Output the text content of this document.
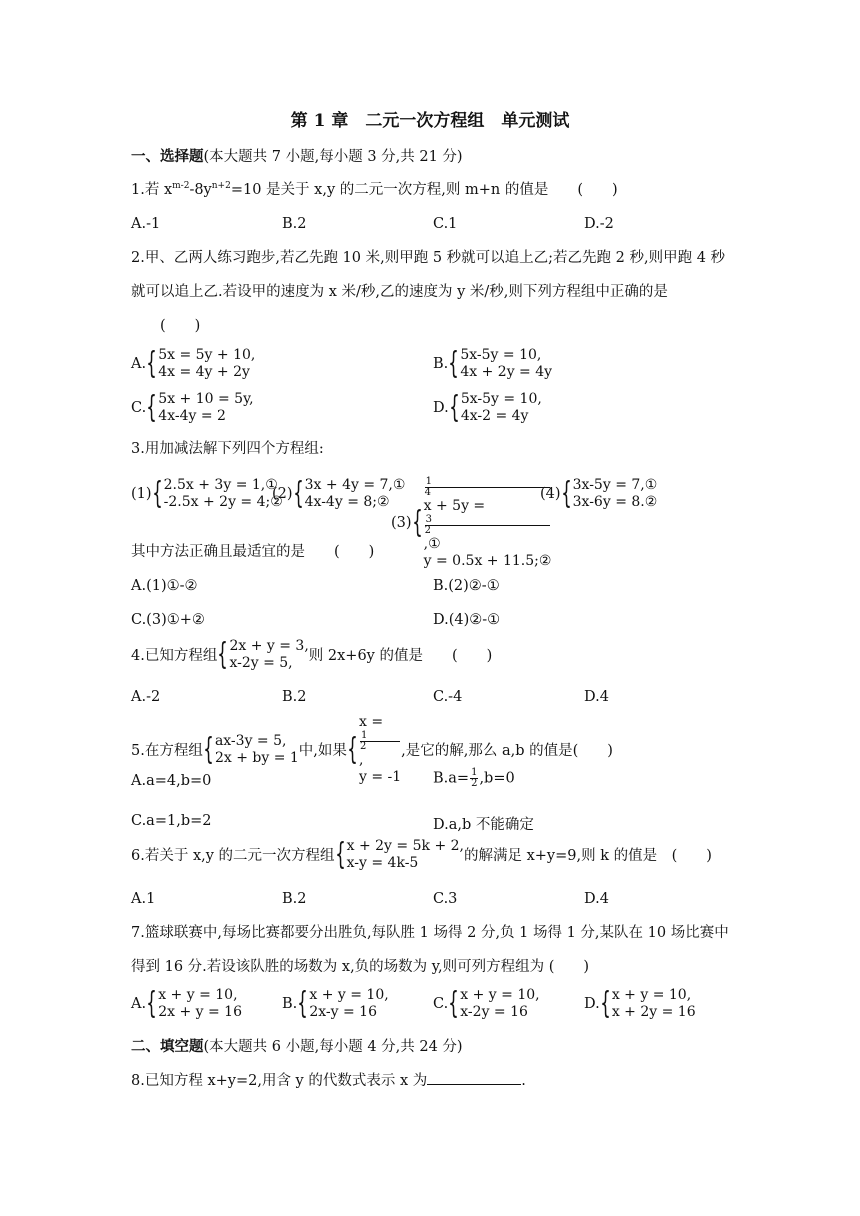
第 1 章　二元一次方程组　单元测试
一、选择题(本大题共 7 小题,每小题 3 分,共 21 分)
1.若 $x^{m-2}-8y^{n+2}=10$ 是关于 x,y 的二元一次方程,则 m+n 的值是　　(　　)
A.-1	B.2	C.1	D.-2
2.甲、乙两人练习跑步,若乙先跑 10 米,则甲跑 5 秒就可以追上乙;若乙先跑 2 秒,则甲跑 4 秒
就可以追上乙.若设甲的速度为 x 米/秒,乙的速度为 y 米/秒,则下列方程组中正确的是
(　　)
A. { 5x = 5y + 10,
4x = 4y + 2y	B. { 5x-5y = 10,
4x + 2y = 4y
C. { 5x + 10 = 5y,
4x-4y = 2	D. { 5x-5y = 10,
4x-2 = 4y
3.用加减法解下列四个方程组:
(1) { 2.5x + 3y = 1,①
-2.5x + 2y = 4;②
(2) { 3x + 4y = 7,①
4x-4y = 8;②
(3) {
1
4
x + 5y =
3
2
,①
y = 0.5x + 11.5;②
(4) { 3x-5y = 7,①
3x-6y = 8.②
其中方法正确且最适宜的是　　(　　)
A.(1)①-②	B.(2)②-①
C.(3)①+②	D.(4)②-①
4.已知方程组 { 2x + y = 3,
x-2y = 5,	则 2x+6y 的值是　　(　　)
A.-2	B.2	C.-4	D.4
5.在方程组 { ax-3y = 5,
2x + by = 1 中,如果 {
x =
1
2
,
y = -1
,是它的解,那么 a,b 的值是(　　)
A.a=4,b=0	$B.a= \frac{1}{2} ,b=0$
C.a=1,b=2	D.a,b 不能确定
6.若关于 x,y 的二元一次方程组 { x + 2y = 5k + 2,
x-y = 4k-5	的解满足 x+y=9,则 k 的值是　(　　)
A.1	B.2	C.3	D.4
7.篮球联赛中,每场比赛都要分出胜负,每队胜 1 场得 2 分,负 1 场得 1 分,某队在 10 场比赛中
得到 16 分.若设该队胜的场数为 x,负的场数为 y,则可列方程组为 (　　)
A. { x + y = 10,
2x + y = 16	B. { x + y = 10,
2x-y = 16	C. { x + y = 10,
x-2y = 16	D. { x + y = 10,
x + 2y = 16
二、填空题(本大题共 6 小题,每小题 4 分,共 24 分)
8.已知方程 x+y=2,用含 y 的代数式表示 x 为	.
